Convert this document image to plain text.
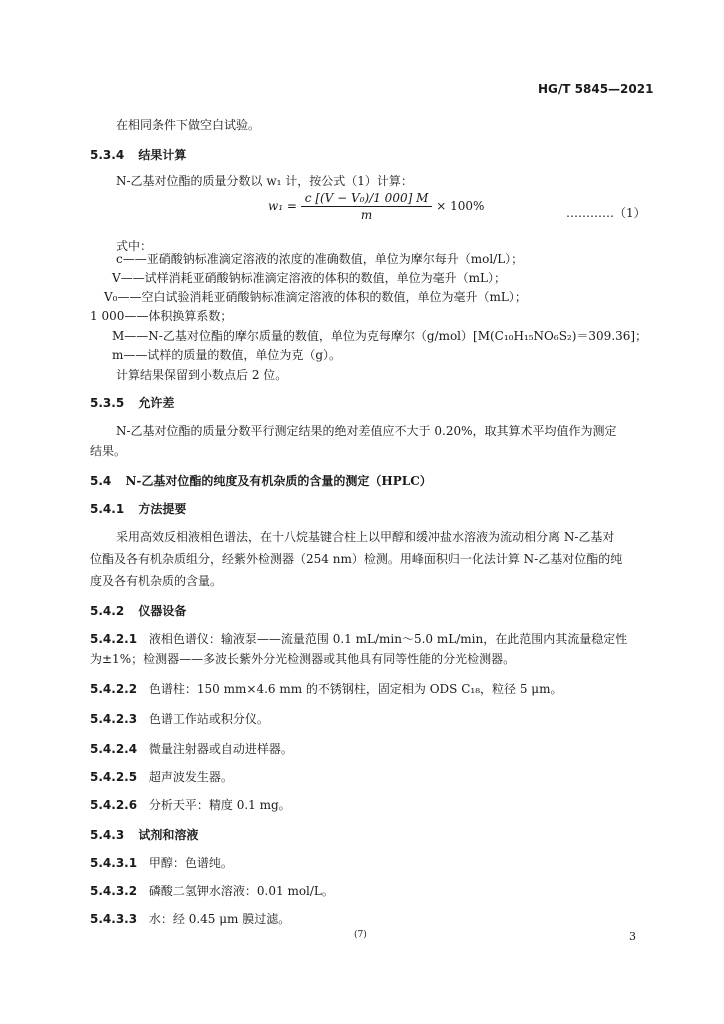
HG/T 5845—2021
在相同条件下做空白试验。
5.3.4 结果计算
N-乙基对位酯的质量分数以 w₁ 计，按公式（1）计算：
$w_1 = \frac{\text{c [(V − V₀)/1 000] M}}{m} \times 100\%$	…………（1）
式中：
c——亚硝酸钠标准滴定溶液的浓度的准确数值，单位为摩尔每升（mol/L）；
V——试样消耗亚硝酸钠标准滴定溶液的体积的数值，单位为毫升（mL）；
V₀——空白试验消耗亚硝酸钠标准滴定溶液的体积的数值，单位为毫升（mL）；
1 000——体积换算系数；
M——N-乙基对位酯的摩尔质量的数值，单位为克每摩尔（g/mol）[M(C₁₀H₁₅NO₆S₂)＝309.36]；
m——试样的质量的数值，单位为克（g）。
计算结果保留到小数点后 2 位。
5.3.5 允许差
N-乙基对位酯的质量分数平行测定结果的绝对差值应不大于 0.20%，取其算术平均值作为测定
结果。
5.4 N-乙基对位酯的纯度及有机杂质的含量的测定（HPLC）
5.4.1 方法提要
采用高效反相液相色谱法，在十八烷基键合柱上以甲醇和缓冲盐水溶液为流动相分离 N-乙基对
位酯及各有机杂质组分，经紫外检测器（254 nm）检测。用峰面积归一化法计算 N-乙基对位酯的纯
度及各有机杂质的含量。
5.4.2 仪器设备
5.4.2.1 液相色谱仪：输液泵——流量范围 0.1 mL/min～5.0 mL/min，在此范围内其流量稳定性
为±1%；检测器——多波长紫外分光检测器或其他具有同等性能的分光检测器。
5.4.2.2 色谱柱：150 mm×4.6 mm 的不锈钢柱，固定相为 ODS C₁₈，粒径 5 μm。
5.4.2.3 色谱工作站或积分仪。
5.4.2.4 微量注射器或自动进样器。
5.4.2.5 超声波发生器。
5.4.2.6 分析天平：精度 0.1 mg。
5.4.3 试剂和溶液
5.4.3.1 甲醇：色谱纯。
5.4.3.2 磷酸二氢钾水溶液：0.01 mol/L。
5.4.3.3 水：经 0.45 μm 膜过滤。
(7)	3
